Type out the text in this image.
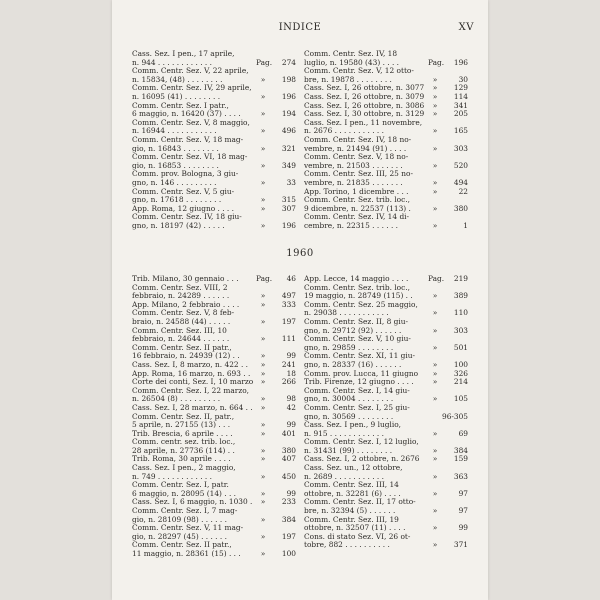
INDICE	XV
Cass. Sez. I pen., 17 aprile,
n. 944 . . . . . . . . . . . .	Pag.	274
Comm. Centr. Sez. V, 22 aprile,
n. 15834, (48) . . . . . . . .	»	198
Comm. Centr. Sez. IV, 29 aprile,
n. 16095 (41) . . . . . . . .	»	196
Comm. Centr. Sez. I patr.,
6 maggio, n. 16420 (37) . . . .	»	194
Comm. Centr. Sez. V, 8 maggio,
n. 16944 . . . . . . . . . . .	»	496
Comm. Centr. Sez. V, 18 mag-
gio, n. 16843 . . . . . . . .	»	321
Comm. Centr. Sez. VI, 18 mag-
gio, n. 16853 . . . . . . . .	»	349
Comm. prov. Bologna, 3 giu-
gno, n. 146 . . . . . . . . .	»	33
Comm. Centr. Sez. V, 5 giu-
gno, n. 17618 . . . . . . . .	»	315
App. Roma, 12 giugno . . . .	»	307
Comm. Centr. Sez. IV, 18 giu-
gno, n. 18197 (42) . . . . .	»	196
Comm. Centr. Sez. IV, 18
luglio, n. 19580 (43) . . . .	Pag.	196
Comm. Centr. Sez. V, 12 otto-
bre, n. 19878 . . . . . . . .	»	30
Cass. Sez. I, 26 ottobre, n. 3077	»	129
Cass. Sez. I, 26 ottobre, n. 3079	»	114
Cass. Sez. I, 26 ottobre, n. 3086	»	341
Cass. Sez. I, 30 ottobre, n. 3129	»	205
Cass. Sez. I pen., 11 novembre,
n. 2676 . . . . . . . . . . .	»	165
Comm. Centr. Sez. IV, 18 no-
vembre, n. 21494 (91) . . . .	»	303
Comm. Centr. Sez. V, 18 no-
vembre, n. 21503 . . . . . . .	»	520
Comm. Centr. Sez. III, 25 no-
vembre, n. 21835 . . . . . . .	»	494
App. Torino, 1 dicembre . . .	»	22
Comm. Centr. Sez. trib. loc.,
9 dicembre, n. 22537 (113) .	»	380
Comm. Centr. Sez. IV, 14 di-
cembre, n. 22315 . . . . . .	»	1
1960
Trib. Milano, 30 gennaio . . .	Pag.	46
Comm. Centr. Sez. VIII, 2
febbraio, n. 24289 . . . . . .	»	497
App. Milano, 2 febbraio . . . .	»	333
Comm. Centr. Sez. V, 8 feb-
braio, n. 24588 (44) . . . . .	»	197
Comm. Centr. Sez. III, 10
febbraio, n. 24644 . . . . . .	»	111
Comm. Centr. Sez. II patr.,
16 febbraio, n. 24939 (12) . .	»	99
Cass. Sez. I, 8 marzo, n. 422 . .	»	241
App. Roma, 16 marzo, n. 693 . .	»	18
Corte dei conti, Sez. I, 10 marzo	»	266
Comm. Centr. Sez. I, 22 marzo,
n. 26504 (8) . . . . . . . . .	»	98
Cass. Sez. I, 28 marzo, n. 664 . .	»	42
Comm. Centr. Sez. II, patr.,
5 aprile, n. 27155 (13) . . .	»	99
Trib. Brescia, 6 aprile . . . .	»	401
Comm. centr. sez. trib. loc.,
28 aprile, n. 27736 (114) . .	»	380
Trib. Roma, 30 aprile . . . .	»	407
Cass. Sez. I pen., 2 maggio,
n. 749 . . . . . . . . . . . .	»	450
Comm. Centr. Sez. I, patr.
6 maggio, n. 28095 (14) . . .	»	99
Cass. Sez. I, 6 maggio, n. 1030 .	»	233
Comm. Centr. Sez. I, 7 mag-
gio, n. 28109 (98) . . . . . .	»	384
Comm. Centr. Sez. V, 11 mag-
gio, n. 28297 (45) . . . . . .	»	197
Comm. Centr. Sez. II patr.,
11 maggio, n. 28361 (15) . . .	»	100
App. Lecce, 14 maggio . . . .	Pag.	219
Comm. Centr. Sez. trib. loc.,
19 maggio, n. 28749 (115) . .	»	389
Comm. Centr. Sez. 25 maggio,
n. 29038 . . . . . . . . . . .	»	110
Comm. Centr. Sez. II, 8 giu-
gno, n. 29712 (92) . . . . . .	»	303
Comm. Centr. Sez. V, 10 giu-
gno, n. 29859 . . . . . . . .	»	501
Comm. Centr. Sez. XI, 11 giu-
gno, n. 28337 (16) . . . . . .	»	100
Comm. prov. Lucca, 11 giugno	»	326
Trib. Firenze, 12 giugno . . . .	»	214
Comm. Centr. Sez. I, 14 giu-
gno, n. 30004 . . . . . . . .	»	105
Comm. Centr. Sez. I, 25 giu-
gno, n. 30569 . . . . . . . .	96-305
Cass. Sez. I pen., 9 luglio,
n. 915 . . . . . . . . . . . .	»	69
Comm. Centr. Sez. I, 12 luglio,
n. 31431 (99) . . . . . . . .	»	384
Cass. Sez. I, 2 ottobre, n. 2676	»	159
Cass. Sez. un., 12 ottobre,
n. 2689 . . . . . . . . . . .	»	363
Comm. Centr. Sez. III, 14
ottobre, n. 32281 (6) . . . .	»	97
Comm. Centr. Sez. II, 17 otto-
bre, n. 32394 (5) . . . . . .	»	97
Comm. Centr. Sez. III, 19
ottobre, n. 32507 (11) . . . .	»	99
Cons. di stato Sez. VI, 26 ot-
tobre, 882 . . . . . . . . . .	»	371
